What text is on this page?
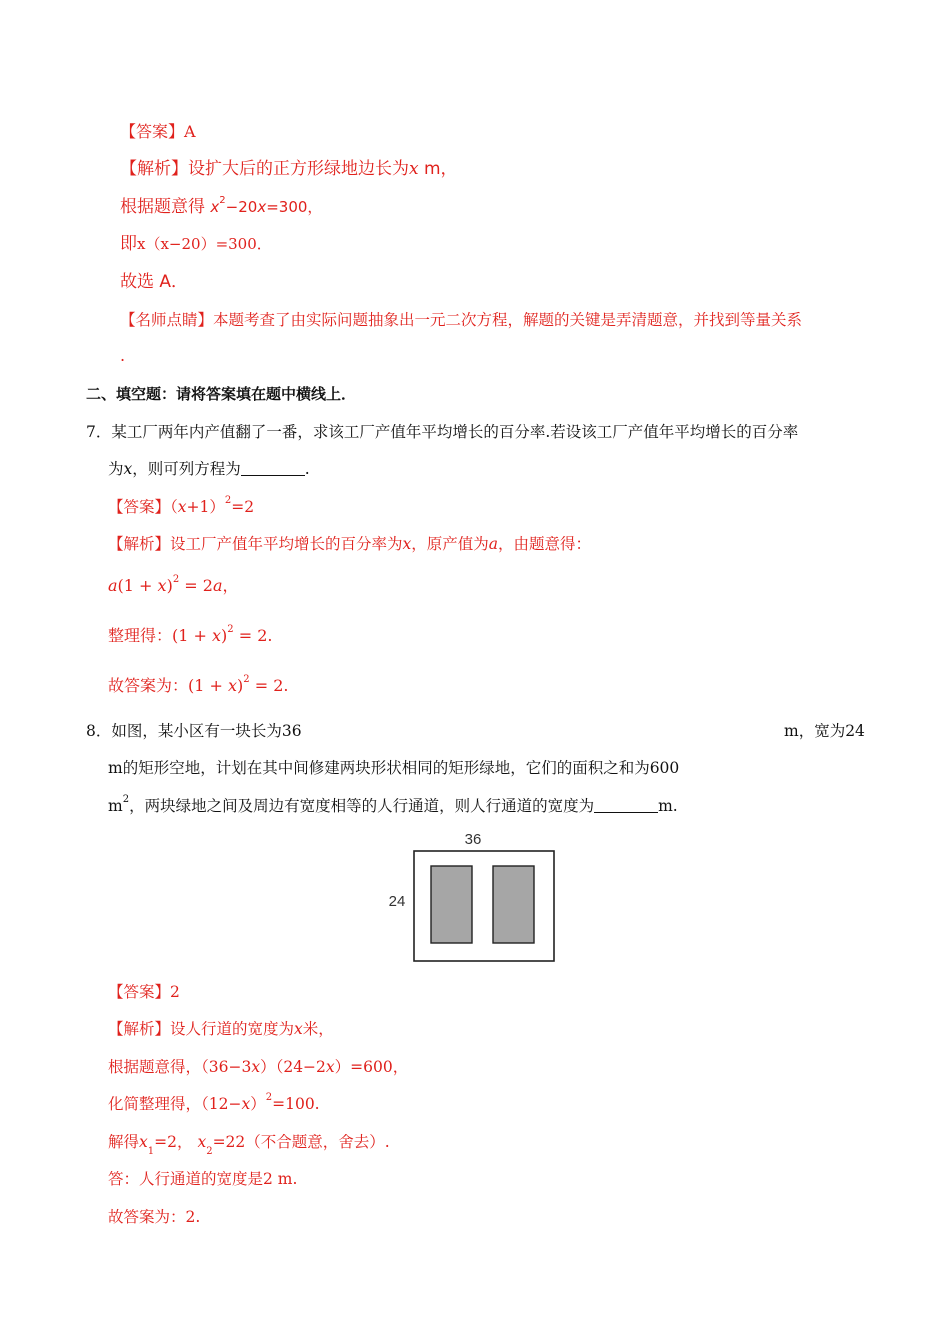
【答案】A
【解析】设扩大后的正方形绿地边长为x m，
根据题意得 $x^2-20x=300$，
即x（x−20）=300．
故选 A．
【名师点睛】本题考查了由实际问题抽象出一元二次方程，解题的关键是弄清题意，并找到等量关系
.
二、填空题：请将答案填在题中横线上．
7．某工厂两年内产值翻了一番，求该工厂产值年平均增长的百分率.若设该工厂产值年平均增长的百分率
为x，则可列方程为	.
【答案】$(x+1)^2=2$
【解析】设工厂产值年平均增长的百分率为x，原产值为a，由题意得：
$a(1 + x)^2 = 2a$，
整理得：$(1 + x)^2 = 2$.
故答案为：$(1 + x)^2 = 2$.
8．如图，某小区有一块长为36	m，宽为24
m的矩形空地，计划在其中间修建两块形状相同的矩形绿地，它们的面积之和为600
$m^2$，两块绿地之间及周边有宽度相等的人行通道，则人行通道的宽度为	m.
36
24
【答案】2
【解析】设人行道的宽度为x米，
根据题意得，（36−3x）（24−2x）=600，
化简整理得，$(12-x)^2=100$.
解得$x_1=2$， $x_2=22$（不合题意，舍去）.
答：人行通道的宽度是2 m.
故答案为：2.
